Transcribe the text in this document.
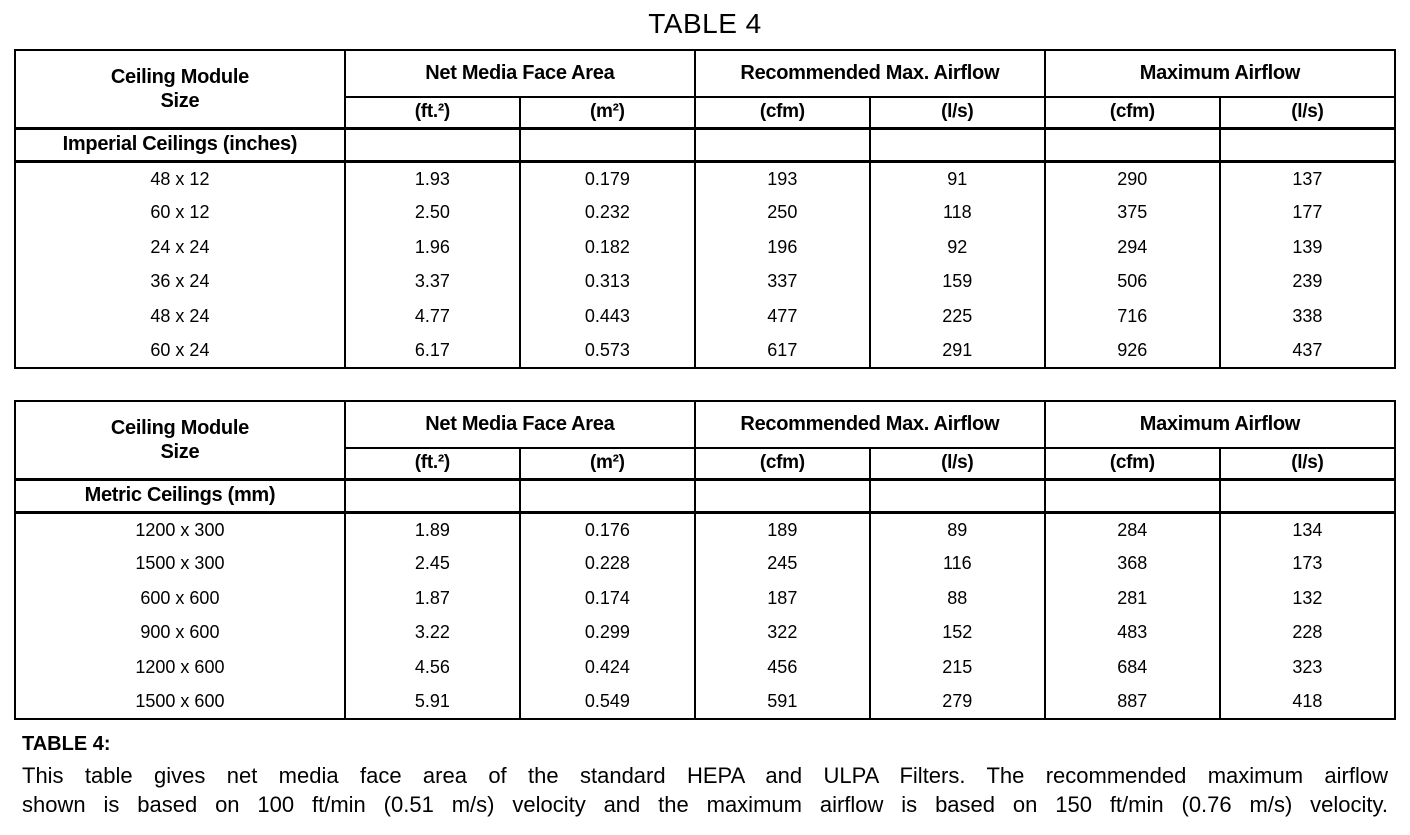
TABLE 4
Ceiling Module
Size	Net Media Face Area		Recommended Max. Airflow		Maximum Airflow	
	(ft.²)	(m²)	(cfm)	(l/s)	(cfm)	(l/s)
Imperial Ceilings (inches)						
48 x 12	1.93	0.179	193	91	290	137
60 x 12	2.50	0.232	250	118	375	177
24 x 24	1.96	0.182	196	92	294	139
36 x 24	3.37	0.313	337	159	506	239
48 x 24	4.77	0.443	477	225	716	338
60 x 24	6.17	0.573	617	291	926	437
Ceiling Module
Size	Net Media Face Area		Recommended Max. Airflow		Maximum Airflow	
	(ft.²)	(m²)	(cfm)	(l/s)	(cfm)	(l/s)
Metric Ceilings (mm)						
1200 x 300	1.89	0.176	189	89	284	134
1500 x 300	2.45	0.228	245	116	368	173
600 x 600	1.87	0.174	187	88	281	132
900 x 600	3.22	0.299	322	152	483	228
1200 x 600	4.56	0.424	456	215	684	323
1500 x 600	5.91	0.549	591	279	887	418
TABLE 4:
This table gives net media face area of the standard HEPA and ULPA Filters. The recommended maximum airflow
shown is based on 100 ft/min (0.51 m/s) velocity and the maximum airflow is based on 150 ft/min (0.76 m/s) velocity.
